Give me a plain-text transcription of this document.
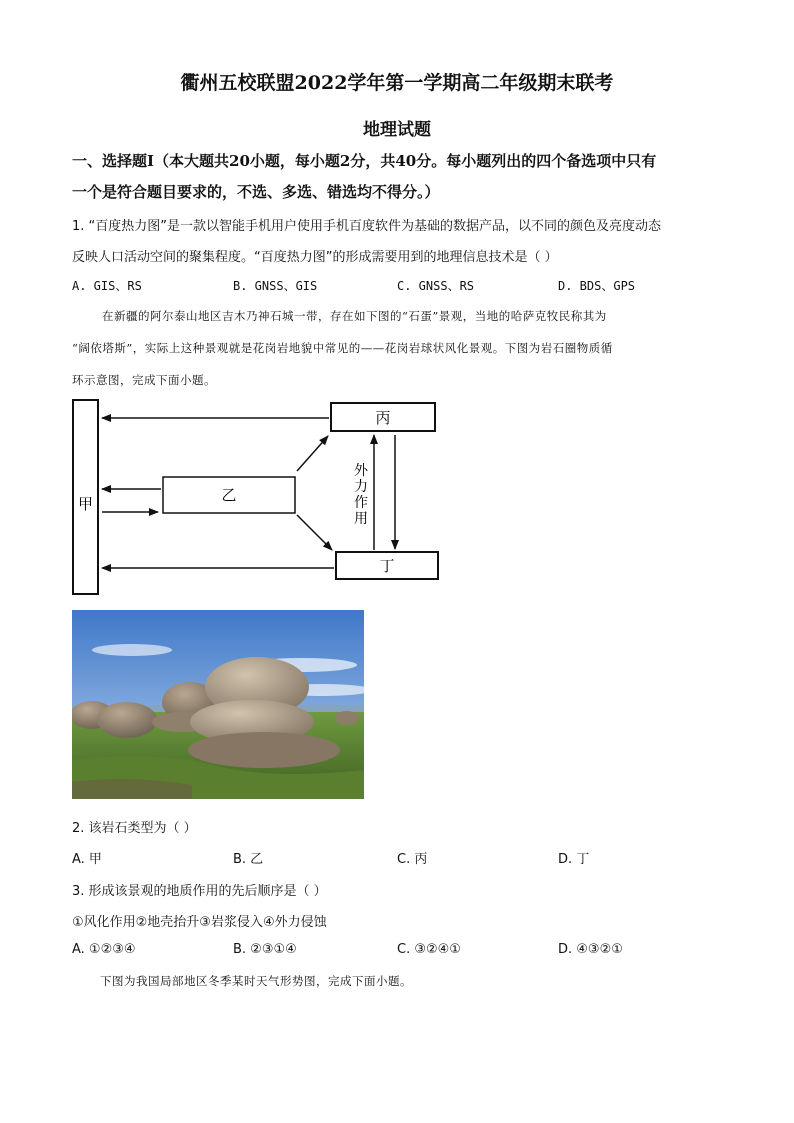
衢州五校联盟2022学年第一学期高二年级期末联考
地理试题
一、选择题Ⅰ（本大题共20小题，每小题2分，共40分。每小题列出的四个备选项中只有
一个是符合题目要求的，不选、多选、错选均不得分。）
1. “百度热力图”是一款以智能手机用户使用手机百度软件为基础的数据产品，以不同的颜色及亮度动态
反映人口活动空间的聚集程度。“百度热力图”的形成需要用到的地理信息技术是（ ）
A. GIS、RS	B. GNSS、GIS	C. GNSS、RS	D. BDS、GPS
在新疆的阿尔泰山地区吉木乃神石城一带，存在如下图的“石蛋”景观，当地的哈萨克牧民称其为
“阔依塔斯”，实际上这种景观就是花岗岩地貌中常见的——花岗岩球状风化景观。下图为岩石圈物质循
环示意图，完成下面小题。
甲	乙
丙
丁
外
力
作
用
2. 该岩石类型为（ ）
A. 甲	B. 乙	C. 丙	D. 丁
3. 形成该景观的地质作用的先后顺序是（ ）
①风化作用②地壳抬升③岩浆侵入④外力侵蚀
A. ①②③④	B. ②③①④	C. ③②④①	D. ④③②①
下图为我国局部地区冬季某时天气形势图，完成下面小题。
